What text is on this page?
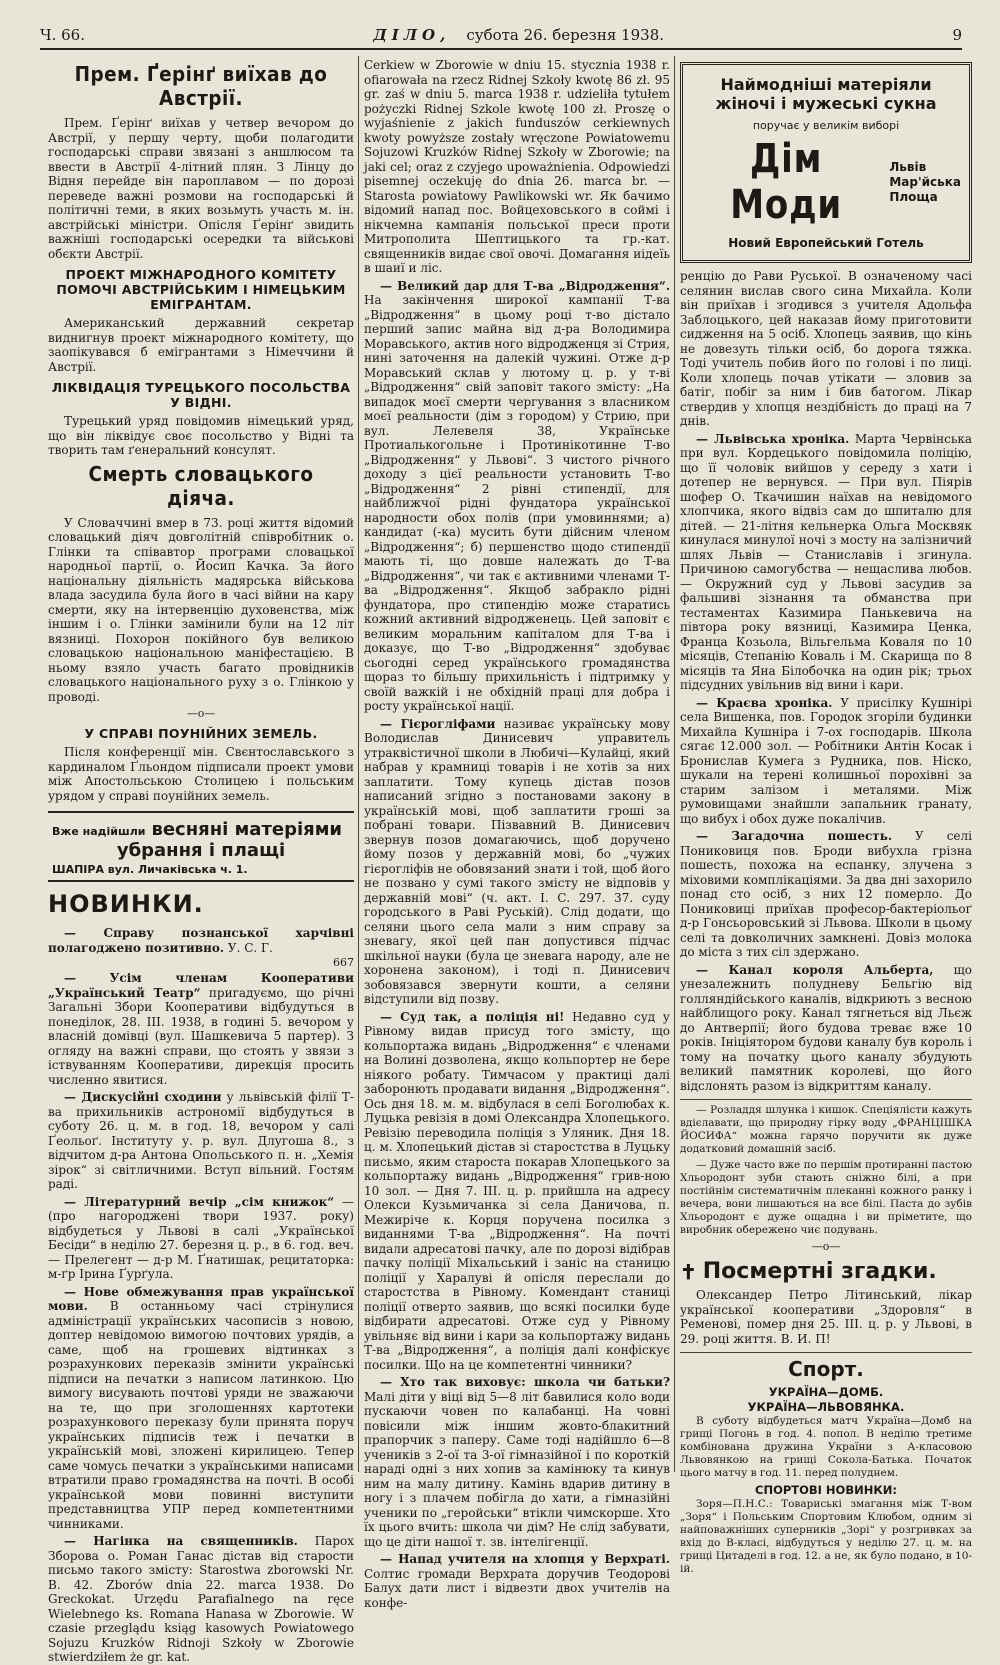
Ч. 66.	ДІЛО, субота 26. березня 1938.	9
Прем. Ґерінґ виїхав до Австрії.

Прем. Ґерінґ виїхав у четвер вечором до Австрії, у першу черту, щоби полагодити господарські справи звязані з аншлюсом та ввести в Австрії 4-літний плян. З Лінцу до Відня перейде він пароплавом — по дорозі переведе важні розмови на господарські й політичні теми, в яких возьмуть участь м. ін. австрійські міністри. Опісля Ґерінґ звидить важніші господарські осередки та військові обєкти Австрії.

ПРОЕКТ МІЖНАРОДНОГО КОМІТЕТУ ПОМОЧІ АВСТРІЙСЬКИМ І НІМЕЦЬКИМ ЕМІГРАНТАМ.

Американський державний секретар виднигнув проект міжнародного комітету, що заопікувався б емігрантами з Німеччини й Австрії.

ЛІКВІДАЦІЯ ТУРЕЦЬКОГО ПОСОЛЬСТВА У ВІДНІ.

Турецький уряд повідомив німецький уряд, що він ліквідує своє посольство у Відні та творить там ґенеральний консулят.

Смерть словацького діяча.

У Словаччині вмер в 73. році життя відомий словацький діяч довголітній співробітник о. Глінки та співавтор програми словацької народньої партії, о. Йосип Качка. За його національну діяльність мадярська військова влада засудила була його в часі війни на кару смерти, яку на інтервенцію духовенства, між іншим і о. Глінки замінили були на 12 літ вязниці. Похорон покійного був великою словацькою національною маніфестацією. В ньому взяло участь багато провідників словацького національного руху з о. Глінкою у проводі.

—о—
У СПРАВІ ПОУНІЙНИХ ЗЕМЕЛЬ.

Після конференції мін. Свєнтославського з кардиналом Ґльондом підписали проект умови між Апостольською Столицею і польським урядом у справі поунійних земель.

Вже надійшли весняні матеріями
убрання і плащі
ШАПІРА вул. Личаківська ч. 1.
НОВИНКИ.

— Справу познанської харчівні полагоджено позитивно. У. С. Г.

667

— Усім членам Кооперативи „Український Театр“ пригадуємо, що річні Загальні Збори Кооперативи відбудуться в понеділок, 28. III. 1938, в годині 5. вечором у власній домівці (вул. Шашкевича 5 партер). З огляду на важні справи, що стоять у звязи з іствуванням Кооперативи, дирекція просить численно явитися.

— Дискусійні сходини у львівській філії Т-ва прихильників астрономії відбудуться в суботу 26. ц. м. в год. 18, вечором у салі Ґеольоґ. Інституту у. р. вул. Длугоша 8., з відчитом д-ра Антона Опольського п. н. „Хемія зірок“ зі світличними. Вступ вільний. Гостям раді.

— Літературний вечір „сім книжок“ — (про нагороджені твори 1937. року) відбудеться у Львові в салі „Української Бесіди“ в неділю 27. березня ц. р., в 6. год. веч. — Прелегент — д-р М. Ґнатишак, рецитаторка: м-ґр Ірина Ґурґула.

— Нове обмежування прав української мови. В останньому часі стрінулися адміністрації українських часописів з новою, доптер невідомою вимогою почтових урядів, а саме, щоб на грошевих відтинках з розрахункових переказів змінити українські підписи на печатки з написом латинкою. Цю вимогу висувають почтові уряди не зважаючи на те, що при зголошеннях картотеки розрахункового переказу були принята поруч українських підписів теж і печатки в українській мові, зложені кирилицею. Тепер саме чомусь печатки з українськими написами втратили право громадянства на почті. В особі українськой мови повинні виступити представництва УПР перед компетентними чинниками.

— Нагінка на священників. Парох Зборова о. Роман Ганас дістав від старости письмо такого змісту: Starostwa zborowski Nr. B. 42. Zborów dnia 22. marca 1938. Do Greckokat. Urzędu Parafialnego na ręce Wielebnego ks. Romana Hanasa w Zborowie. W czasie przeglądu ksiąg kasowych Powiatowego Sojuzu Kruzków Ridnoji Szkoły w Zborowie stwierdziłem że gr. kat.

Cerkiew w Zborowie w dniu 15. stycznia 1938 r. ofiarowała na rzecz Ridnej Szkoły kwotę 86 zł. 95 gr. zaś w dniu 5. marca 1938 r. udzieliła tytułem pożyczki Ridnej Szkole kwotę 100 zł. Proszę o wyjaśnienie z jakich funduszów cerkiewnych kwoty powyższe zostały wręczone Powiatowemu Sojuzowi Kruzków Ridnej Szkoły w Zborowie; na jaki cel; oraz z czyjego upoważnienia. Odpowiedzi pisemnej oczekuję do dnia 26. marca br. — Starosta powiatowy Pawlikowski wr. Як бачимо відомий напад пос. Войцеховського в соймі і нікчемна кампанія польської преси проти Митрополита Шептицького та гр.-кат. священників видає свої овочі. Домагання иідеїь в шаиї и ліс.

— Великий дар для Т-ва „Відродження“. На закінчення широкої кампанії Т-ва „Відродження“ в цьому році т-во дістало перший запис майна від д-ра Володимира Моравського, актив ного відродженця зі Стрия, нині заточення на далекій чужині. Отже д-р Моравський склав у лютому ц. р. у т-ві „Відродження“ свій заповіт такого змісту: „На випадок моєї смерти чергування з власником моєї реальности (дім з городом) у Стрию, при вул. Лелевеля 38, Українське Протиалькогольне і Протинікотинне Т-во „Відродження“ у Львові“. З чистого річного доходу з цієї реальности установить Т-во „Відродження“ 2 рівні стипендії, для найближчої рідні фундатора української народности обох полів (при умовиннями; а) кандидат (-ка) мусить бути дійсним членом „Відродження“; б) першенство щодо стипендії мають ті, що довше належать до Т-ва „Відродження“, чи так є активними членами Т-ва „Відродження“. Якщоб забракло рідні фундатора, про стипендію може старатись кожний активний відродженець. Цей заповіт є великим моральним капіталом для Т-ва і доказує, що Т-во „Відродження“ здобуває сьогодні серед українського громадянства щораз то більшу прихильність і підтримку у своїй важкій і не обхідній праці для добра і росту української нації.

— Гієрогліфами називає українську мову Володислав Динисевич управитель утраквістичної школи в Любичі—Кулайці, який набрав у крамниці товарів і не хотів за них заплатити. Тому купець дістав позов написаний згідно з постановами закону в українській мові, щоб заплатити гроші за побрані товари. Пізвавний В. Динисевич звернув позов домагаючись, щоб доручено йому позов у державній мові, бо „чужих гієрогліфів не обовязаний знати і той, щоб його не позвано у сумі такого змісту не відповів у державній мові“ (ч. акт. І. С. 297. 37. суду городського в Раві Руській). Слід додати, що селяни цього села мали з ним справу за зневагу, якої цей пан допустився підчас шкільної науки (була це зневага народу, але не хоронена законом), і тоді п. Динисевич зобовязався звернути кошти, а селяни відступили від позву.

— Суд так, а поліція ні! Недавно суд у Рівному видав присуд того змісту, що кольпортажа видань „Відродження“ є членами на Волині дозволена, якщо кольпортер не бере ніякого робату. Тимчасом у практиці далі заборонють продавати видання „Відродження“. Ось дня 18. м. м. відбулася в селі Боголюбах к. Луцька ревізія в домі Олександра Хлопецького. Ревізію переводила поліція з Уляник. Дня 18. ц. м. Хлопецький дістав зі старостства в Луцьку письмо, яким староста покарав Хлопецького за кольпортажу видань „Відродження“ грив-ною 10 зол. — Дня 7. III. ц. р. прийшла на адресу Олекси Кузьмичанка зі села Даничова, п. Межиріче к. Корця поручена посилка з виданнями Т-ва „Відродження“. На почті видали адресатові пачку, але по дорозі відібрав пачку поліції Міхальський і заніс на станицю поліції у Харалуві й опісля переслали до старостства в Рівному. Комендант станиці поліції отверто заявив, що всякі посилки буде відбирати адресатові. Отже суд у Рівному увільняє від вини і кари за кольпортажу видань Т-ва „Відродження“, а поліція далі конфіскує посилки. Що на це компетентні чинники?

— Хто так виховує: школа чи батьки? Малі діти у віці від 5—8 літ бавилися коло води пускаючи човен по калабанці. На човні повісили між іншим жовто-блакитний прапорчик з паперу. Саме тоді надійшло 6—8 учеників з 2-ої та 3-ої гімназійної і по короткій нараді одні з них хопив за камінюку та кинув ним на малу дитину. Камінь вдарив дитину в ногу і з плачем побігла до хати, а гімназійні ученики по „геройськи“ втікли чимскорше. Хто їх цього вчить: школа чи дім? Не слід забувати, що це діти нашої т. зв. інтелігенції.

— Напад учителя на хлопця у Верхраті. Солтис громади Верхрата доручив Теодорові Балух дати лист і відвезти двох учителів на конфе-

Наймодніші матеріяли
жіночі і мужеські сукна
поручає у великім виборі
Дім Моди
Львів
Мар'йська
Площа
Новий Европейський Готель

ренцію до Рави Руської. В означеному часі селянин вислав свого сина Михайла. Коли він приїхав і згодився з учителя Адольфа Заблоцького, цей наказав йому приготовити сидження на 5 осіб. Хлопець заявив, що кінь не довезуть тільки осіб, бо дорога тяжка. Тоді учитель побив його по голові і по лиці. Коли хлопець почав утікати — зловив за батіг, побіг за ним і бив батогом. Лікар ствердив у хлопця нездібність до праці на 7 днів.

— Львівська хроніка. Марта Червінська при вул. Кордецького повідомила поліцію, що її чоловік вийшов у середу з хати і дотепер не вернувся. — При вул. Піярів шофер О. Ткачишин наїхав на невідомого хлопчика, якого відвіз сам до шпиталю для дітей. — 21-літня кельнерка Ольга Москвяк кинулася минулої ночі з мосту на залізничий шлях Львів — Станиславів і згинула. Причиною самогубства — нещаслива любов. — Окружний суд у Львові засудив за фальшиві зізнання та обманства при тестаментах Казимира Панькевича на півтора року вязниці, Казимира Ценка, Франца Козьола, Вільгельма Коваля по 10 місяців, Степанію Коваль і М. Скарища по 8 місяців та Яна Білобочка на один рік; трьох підсудних увільнив від вини і кари.

— Краєва хроніка. У присілку Кушнірі села Вишенка, пов. Городок згоріли будинки Михайла Кушніра і 7-ох господарів. Школа сягає 12.000 зол. — Робітники Антін Косак і Бронислав Кумега з Рудника, пов. Ніско, шукали на терені колишньої порохівні за старим залізом і металями. Між румовищами знайшли запальник гранату, що вибух і обох дуже покалічив.

— Загадочна пошесть. У селі Пониковиця пов. Броди вибухла грізна пошесть, похожа на еспанку, злучена з міховими комплікаціями. За два дні захорило понад сто осіб, з них 12 померло. До Пониковиці приїхав професор-бактеріольоґ д-р Гонсьоровський зі Львова. Школи в цьому селі та довколичних замкнені. Довіз молока до міста з тих сіл здержано.

— Канал короля Альберта, що унезалежнить полудневу Бельгію від голляндійського каналів, відкриють з весною найблищого року. Канал тягнеться від Льєж до Антверпії; його будова треває вже 10 років. Ініціятором будови каналу був король і тому на початку цього каналу збудують великий памятник королеві, що його відслонять разом із відкриттям каналу.

— Розладдя шлунка і кишок. Спеціялісти кажуть вдієлавати, що природну гірку воду „ФРАНЦІШКА ЙОСИФА“ можна гарячо поручити як дуже додатковий домашній засіб.

— Дуже часто вже по першім протиранні пастою Хльородонт зуби стають сніжно білі, а при постійнім систематичнім плеканні кожного ранку і вечера, вони лишаються на все білі. Паста до зубів Хльородонт є дуже ощадна і ви пріметите, що виробник обережено чиє подувань.

—о—
✝ Посмертні згадки.

Олександер Петро Літинський, лікар української кооперативи „Здоровля“ в Ременові, помер дня 25. III. ц. р. у Львові, в 29. році життя. В. И. П!

Спорт.
УКРАЇНА—ДОМБ.
УКРАЇНА—ЛЬВОВЯНКА.

В суботу відбудеться матч Україна—Домб на грищі Погонь в год. 4. попол. В неділю третиме комбінована дружина України з А-класовою Львовянкою на грищі Сокола-Батька. Початок цього матчу в год. 11. перед полуднем.

СПОРТОВІ НОВИНКИ:

Зоря—П.Н.С.: Товариські змагання між Т-вом „Зоря“ і Польським Спортовим Клюбом, одним зі найповажніших суперників „Зорі“ у розгривках за вхід до В-класі, відбудуться у неділю 27. ц. м. на грищі Цитаделі в год. 12. а не, як було подано, в 10-ій.
